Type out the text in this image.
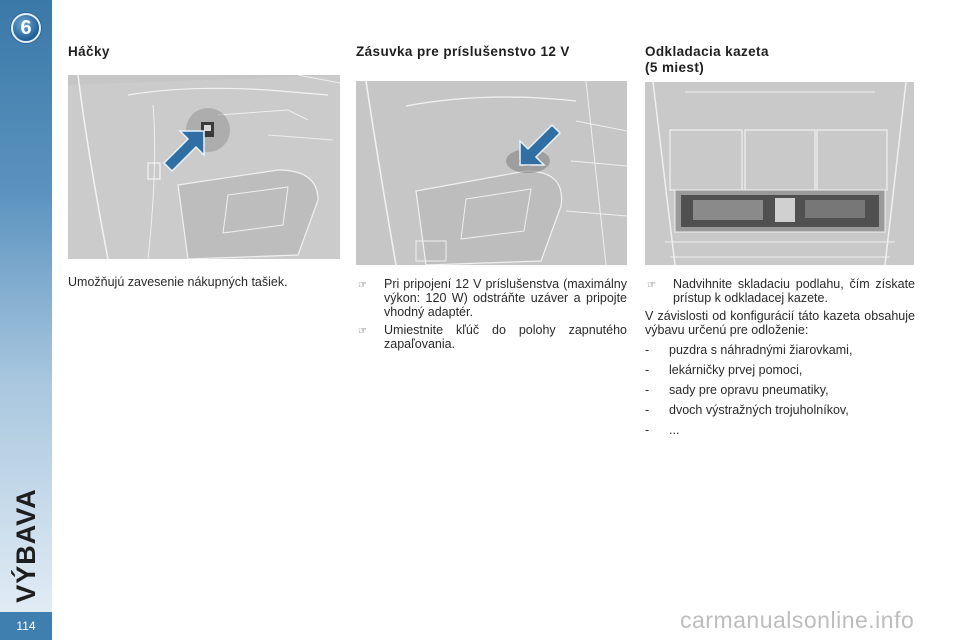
6
VÝBAVA
114
Háčky
Umožňujú zavesenie nákupných tašiek.
Zásuvka pre príslušenstvo 12 V
☞	Pri pripojení 12 V príslušenstva (maximálny výkon: 120 W) odstráňte uzáver a pripojte vhodný adaptér.
☞	Umiestnite kľúč do polohy zapnutého zapaľovania.
Odkladacia kazeta
(5 miest)
☞	Nadvihnite skladaciu podlahu, čím získate prístup k odkladacej kazete.
V závislosti od konfigurácií táto kazeta obsahuje výbavu určenú pre odloženie:
-	puzdra s náhradnými žiarovkami,
-	lekárničky prvej pomoci,
-	sady pre opravu pneumatiky,
-	dvoch výstražných trojuholníkov,
-	...
carmanualsonline.info
